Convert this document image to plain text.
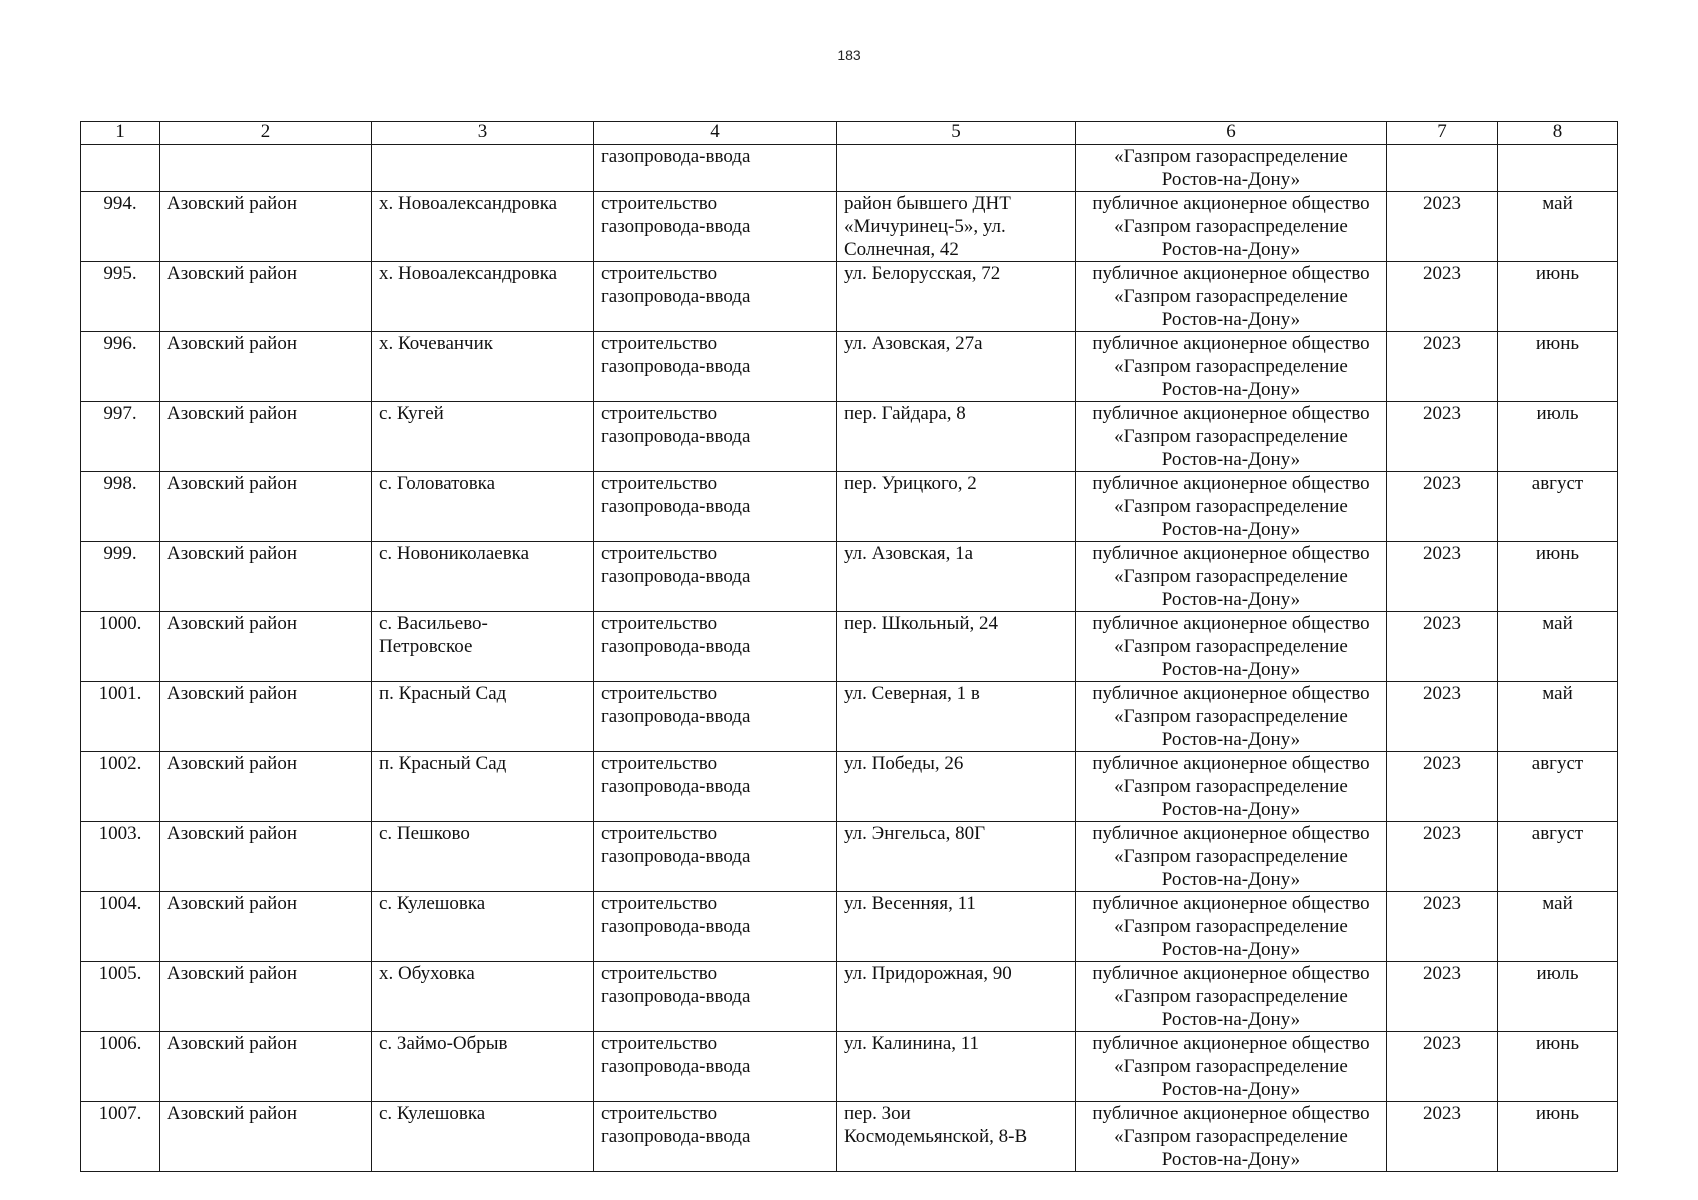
183
1	2	3	4	5	6	7	8

			газопровода-ввода		«Газпром газораспределение
Ростов-на-Дону»		

994.	Азовский район	х. Новоалександровка	строительство
газопровода-ввода	район бывшего ДНТ
«Мичуринец-5», ул.
Солнечная, 42	публичное акционерное общество
«Газпром газораспределение
Ростов-на-Дону»	2023	май
995.	Азовский район	х. Новоалександровка	строительство
газопровода-ввода	ул. Белорусская, 72	публичное акционерное общество
«Газпром газораспределение
Ростов-на-Дону»	2023	июнь
996.	Азовский район	х. Кочеванчик	строительство
газопровода-ввода	ул. Азовская, 27а	публичное акционерное общество
«Газпром газораспределение
Ростов-на-Дону»	2023	июнь
997.	Азовский район	с. Кугей	строительство
газопровода-ввода	пер. Гайдара, 8	публичное акционерное общество
«Газпром газораспределение
Ростов-на-Дону»	2023	июль
998.	Азовский район	с. Головатовка	строительство
газопровода-ввода	пер. Урицкого, 2	публичное акционерное общество
«Газпром газораспределение
Ростов-на-Дону»	2023	август
999.	Азовский район	с. Новониколаевка	строительство
газопровода-ввода	ул. Азовская, 1а	публичное акционерное общество
«Газпром газораспределение
Ростов-на-Дону»	2023	июнь
1000.	Азовский район	с. Васильево-
Петровское	строительство
газопровода-ввода	пер. Школьный, 24	публичное акционерное общество
«Газпром газораспределение
Ростов-на-Дону»	2023	май
1001.	Азовский район	п. Красный Сад	строительство
газопровода-ввода	ул. Северная, 1 в	публичное акционерное общество
«Газпром газораспределение
Ростов-на-Дону»	2023	май
1002.	Азовский район	п. Красный Сад	строительство
газопровода-ввода	ул. Победы, 26	публичное акционерное общество
«Газпром газораспределение
Ростов-на-Дону»	2023	август
1003.	Азовский район	с. Пешково	строительство
газопровода-ввода	ул. Энгельса, 80Г	публичное акционерное общество
«Газпром газораспределение
Ростов-на-Дону»	2023	август
1004.	Азовский район	с. Кулешовка	строительство
газопровода-ввода	ул. Весенняя, 11	публичное акционерное общество
«Газпром газораспределение
Ростов-на-Дону»	2023	май
1005.	Азовский район	х. Обуховка	строительство
газопровода-ввода	ул. Придорожная, 90	публичное акционерное общество
«Газпром газораспределение
Ростов-на-Дону»	2023	июль
1006.	Азовский район	с. Займо-Обрыв	строительство
газопровода-ввода	ул. Калинина, 11	публичное акционерное общество
«Газпром газораспределение
Ростов-на-Дону»	2023	июнь
1007.	Азовский район	с. Кулешовка	строительство
газопровода-ввода	пер. Зои
Космодемьянской, 8-В	публичное акционерное общество
«Газпром газораспределение
Ростов-на-Дону»	2023	июнь
